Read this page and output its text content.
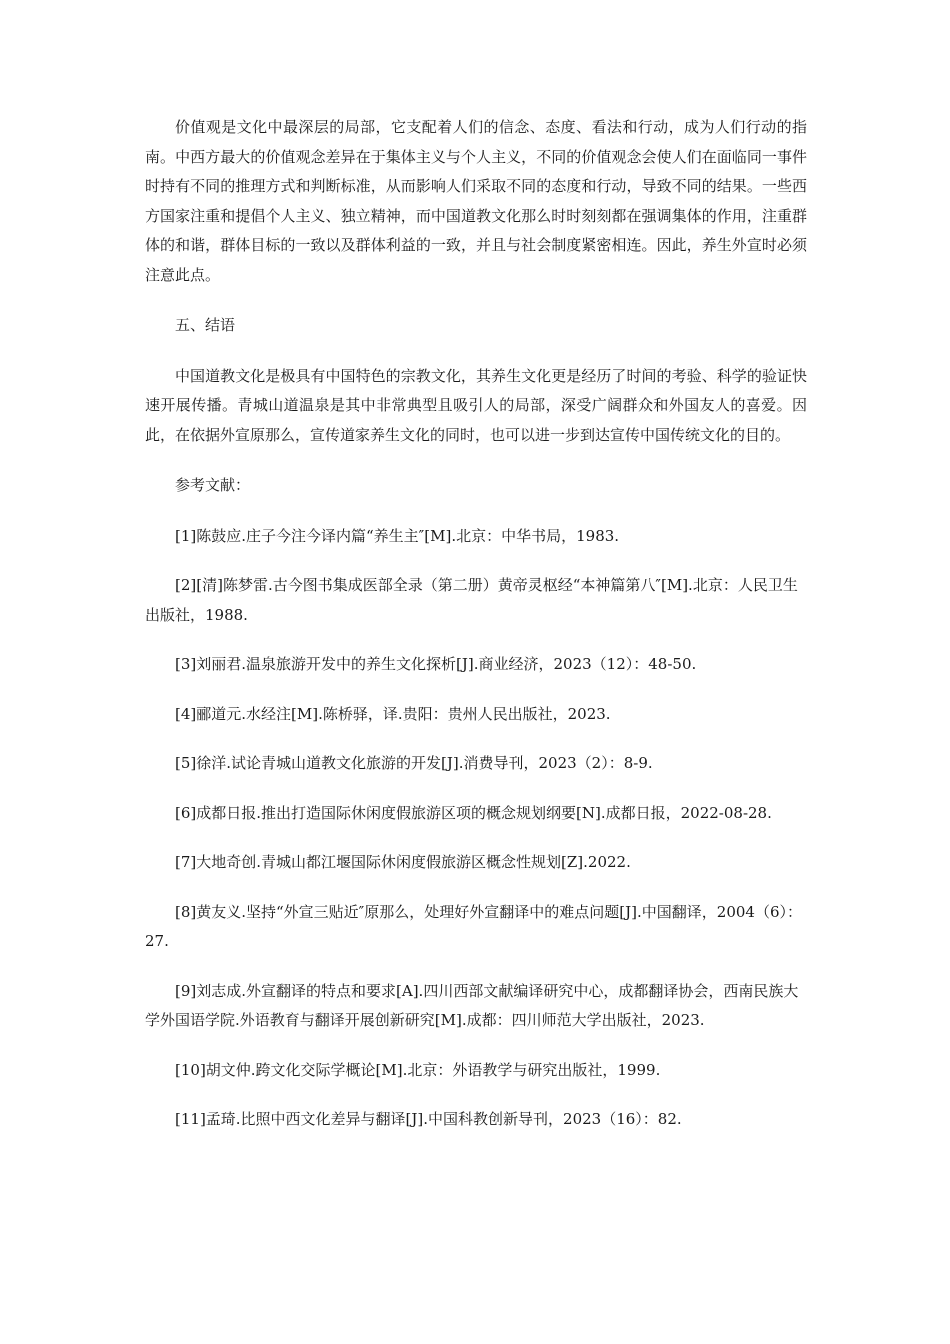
价值观是文化中最深层的局部，它支配着人们的信念、态度、看法和行动，成为人们行动的指南。中西方最大的价值观念差异在于集体主义与个人主义，不同的价值观念会使人们在面临同一事件时持有不同的推理方式和判断标准，从而影响人们采取不同的态度和行动，导致不同的结果。一些西方国家注重和提倡个人主义、独立精神，而中国道教文化那么时时刻刻都在强调集体的作用，注重群体的和谐，群体目标的一致以及群体利益的一致，并且与社会制度紧密相连。因此，养生外宣时必须注意此点。

五、结语

中国道教文化是极具有中国特色的宗教文化，其养生文化更是经历了时间的考验、科学的验证快速开展传播。青城山道温泉是其中非常典型且吸引人的局部，深受广阔群众和外国友人的喜爱。因此，在依据外宣原那么，宣传道家养生文化的同时，也可以进一步到达宣传中国传统文化的目的。

参考文献：

[1]陈鼓应.庄子今注今译内篇“养生主″[M].北京：中华书局，1983.

[2][清]陈梦雷.古今图书集成医部全录（第二册）黄帝灵枢经“本神篇第八″[M].北京：人民卫生出版社，1988.

[3]刘丽君.温泉旅游开发中的养生文化探析[J].商业经济，2023（12）：48-50.

[4]郦道元.水经注[M].陈桥驿，译.贵阳：贵州人民出版社，2023.

[5]徐洋.试论青城山道教文化旅游的开发[J].消费导刊，2023（2）：8-9.

[6]成都日报.推出打造国际休闲度假旅游区项的概念规划纲要[N].成都日报，2022-08-28.

[7]大地奇创.青城山都江堰国际休闲度假旅游区概念性规划[Z].2022.

[8]黄友义.坚持“外宣三贴近″原那么，处理好外宣翻译中的难点问题[J].中国翻译，2004（6）：27.

[9]刘志成.外宣翻译的特点和要求[A].四川西部文献编译研究中心，成都翻译协会，西南民族大学外国语学院.外语教育与翻译开展创新研究[M].成都：四川师范大学出版社，2023.

[10]胡文仲.跨文化交际学概论[M].北京：外语教学与研究出版社，1999.

[11]孟琦.比照中西文化差异与翻译[J].中国科教创新导刊，2023（16）：82.
